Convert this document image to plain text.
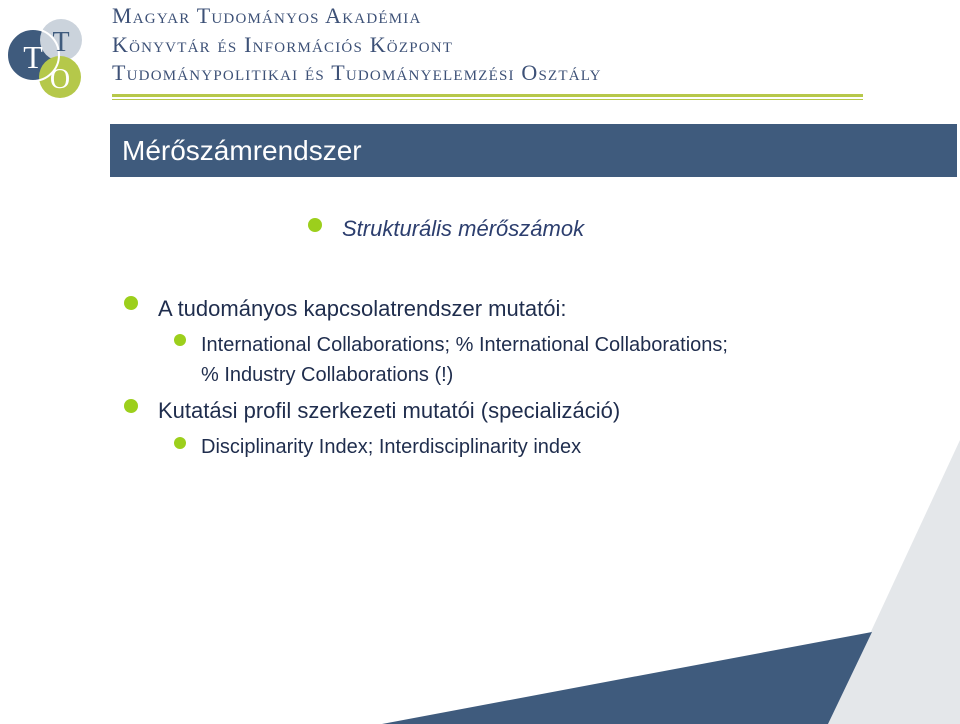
T T
O
Magyar Tudományos Akadémia
Könyvtár és Információs Központ
Tudománypolitikai és Tudományelemzési Osztály
Mérőszámrendszer
Strukturális mérőszámok
A tudományos kapcsolatrendszer mutatói:
International Collaborations; % International Collaborations;
% Industry Collaborations (!)
Kutatási profil szerkezeti mutatói (specializáció)
Disciplinarity Index; Interdisciplinarity index
